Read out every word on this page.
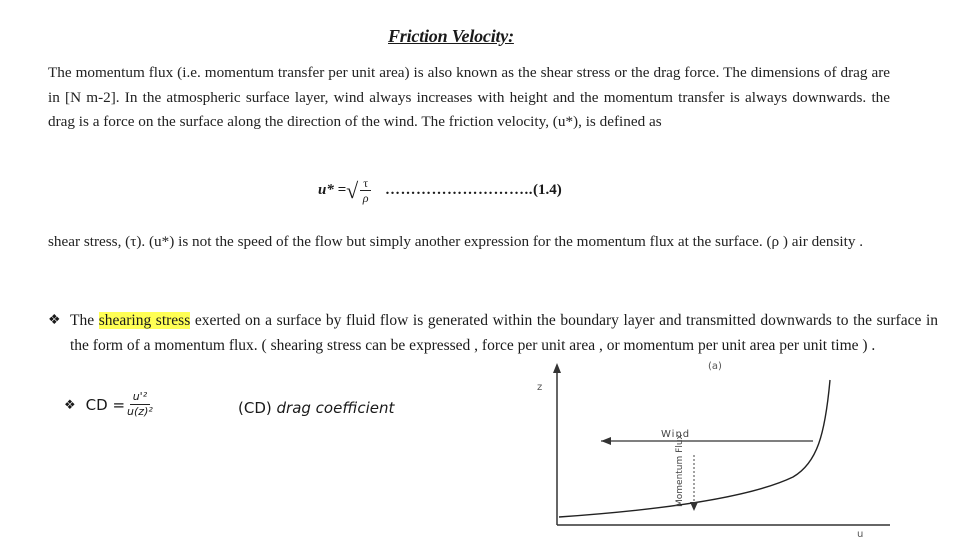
Friction Velocity:
The momentum flux (i.e. momentum transfer per unit area) is also known as the shear stress or the drag force. The dimensions of drag are in [N m-2]. In the atmospheric surface layer, wind always increases with height and the momentum transfer is always downwards. the drag is a force on the surface along the direction of the wind. The friction velocity, (u*), is defined as
u* = √ $\frac{\tau}{\rho}$ ……………………….. (1.4)
shear stress, (τ). (u*) is not the speed of the flow but simply another expression for the momentum flux at the surface. (ρ ) air density .
❖ The shearing stress exerted on a surface by fluid flow is generated within the boundary layer and transmitted downwards to the surface in the form of a momentum flux. ( shearing stress can be expressed , force per unit area , or momentum per unit area per unit time ) .
❖ CD = $\frac{\text{u'²}}{\text{u(z)²}}$	(CD) drag coefficient
(a)
z
u
Wind
Momentum Flux
